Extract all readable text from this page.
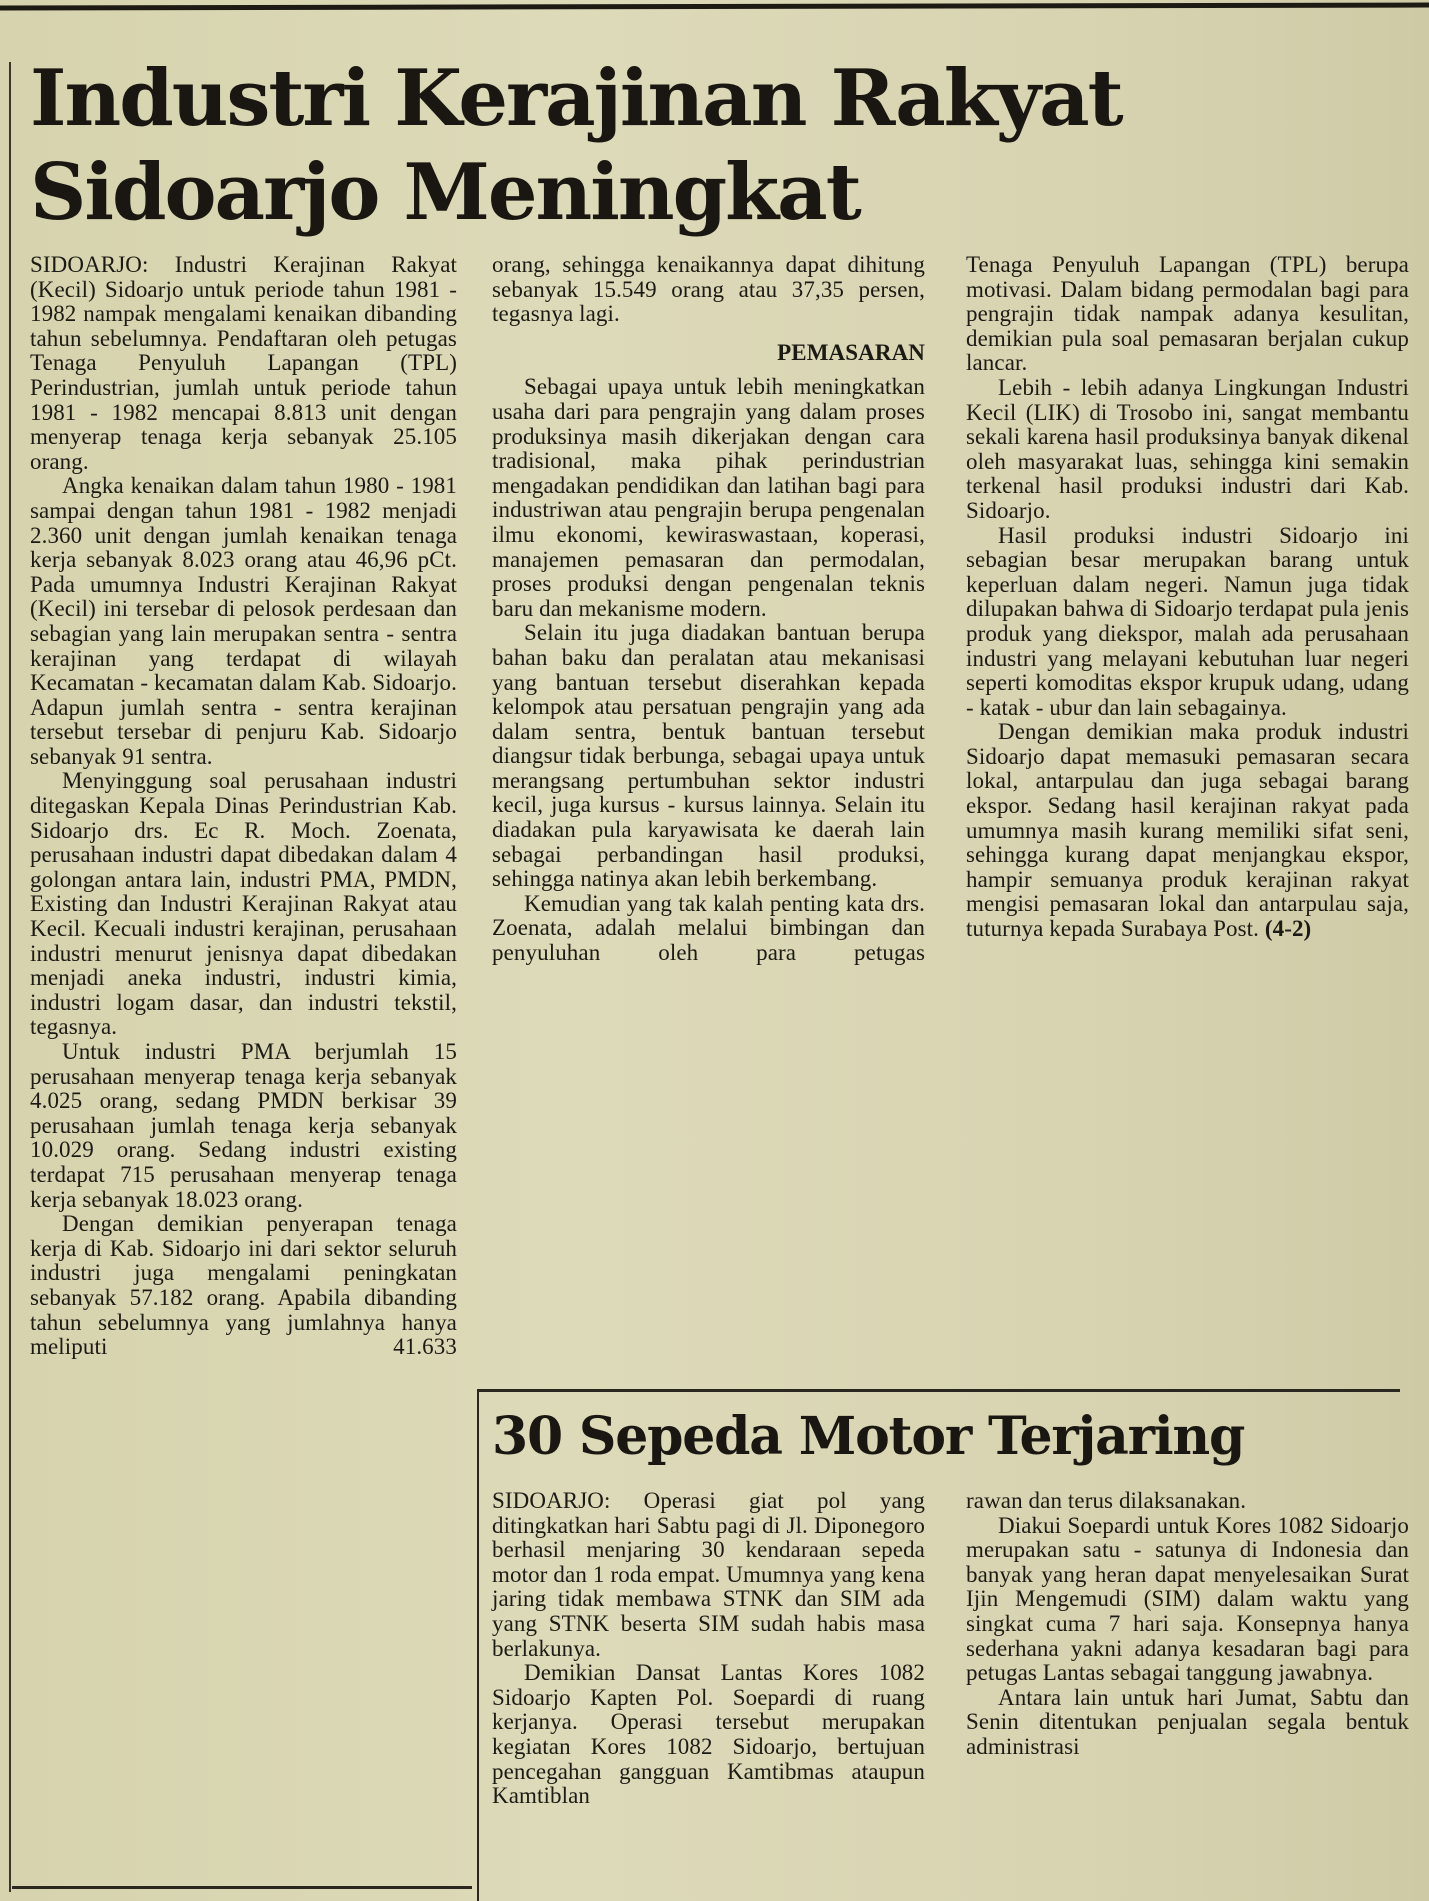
Industri Kerajinan Rakyat
Sidoarjo Meningkat

SIDOARJO: Industri Kerajinan Rakyat (Kecil) Sidoarjo untuk periode tahun 1981 - 1982 nampak mengalami kenaikan dibanding tahun sebelumnya. Pendaftaran oleh petugas Tenaga Penyuluh Lapangan (TPL) Perindustrian, jumlah untuk periode tahun 1981 - 1982 mencapai 8.813 unit dengan menyerap tenaga kerja sebanyak 25.105 orang.

Angka kenaikan dalam tahun 1980 - 1981 sampai dengan tahun 1981 - 1982 menjadi 2.360 unit dengan jumlah kenaikan tenaga kerja sebanyak 8.023 orang atau 46,96 pCt. Pada umumnya Industri Kerajinan Rakyat (Kecil) ini tersebar di pelosok perdesaan dan sebagian yang lain merupakan sentra - sentra kerajinan yang terdapat di wilayah Kecamatan - kecamatan dalam Kab. Sidoarjo. Adapun jumlah sentra - sentra kerajinan tersebut tersebar di penjuru Kab. Sidoarjo sebanyak 91 sentra.

Menyinggung soal perusahaan industri ditegaskan Kepala Dinas Perindustrian Kab. Sidoarjo drs. Ec R. Moch. Zoenata, perusahaan industri dapat dibedakan dalam 4 golongan antara lain, industri PMA, PMDN, Existing dan Industri Kerajinan Rakyat atau Kecil. Kecuali industri kerajinan, perusahaan industri menurut jenisnya dapat dibedakan menjadi aneka industri, industri kimia, industri logam dasar, dan industri tekstil, tegasnya.

Untuk industri PMA berjumlah 15 perusahaan menyerap tenaga kerja sebanyak 4.025 orang, sedang PMDN berkisar 39 perusahaan jumlah tenaga kerja sebanyak 10.029 orang. Sedang industri existing terdapat 715 perusahaan menyerap tenaga kerja sebanyak 18.023 orang.

Dengan demikian penyerapan tenaga kerja di Kab. Sidoarjo ini dari sektor seluruh industri juga mengalami peningkatan sebanyak 57.182 orang. Apabila dibanding tahun sebelumnya yang jumlahnya hanya meliputi 41.633

orang, sehingga kenaikannya dapat dihitung sebanyak 15.549 orang atau 37,35 persen, tegasnya lagi.

PEMASARAN

Sebagai upaya untuk lebih meningkatkan usaha dari para pengrajin yang dalam proses produksinya masih dikerjakan dengan cara tradisional, maka pihak perindustrian mengadakan pendidikan dan latihan bagi para industriwan atau pengrajin berupa pengenalan ilmu ekonomi, kewiraswastaan, koperasi, manajemen pemasaran dan permodalan, proses produksi dengan pengenalan teknis baru dan mekanisme modern.

Selain itu juga diadakan bantuan berupa bahan baku dan peralatan atau mekanisasi yang bantuan tersebut diserahkan kepada kelompok atau persatuan pengrajin yang ada dalam sentra, bentuk bantuan tersebut diangsur tidak berbunga, sebagai upaya untuk merangsang pertumbuhan sektor industri kecil, juga kursus - kursus lainnya. Selain itu diadakan pula karyawisata ke daerah lain sebagai perbandingan hasil produksi, sehingga natinya akan lebih berkembang.

Kemudian yang tak kalah penting kata drs. Zoenata, adalah melalui bimbingan dan penyuluhan oleh para petugas

Tenaga Penyuluh Lapangan (TPL) berupa motivasi. Dalam bidang permodalan bagi para pengrajin tidak nampak adanya kesulitan, demikian pula soal pemasaran berjalan cukup lancar.

Lebih - lebih adanya Lingkungan Industri Kecil (LIK) di Trosobo ini, sangat membantu sekali karena hasil produksinya banyak dikenal oleh masyarakat luas, sehingga kini semakin terkenal hasil produksi industri dari Kab. Sidoarjo.

Hasil produksi industri Sidoarjo ini sebagian besar merupakan barang untuk keperluan dalam negeri. Namun juga tidak dilupakan bahwa di Sidoarjo terdapat pula jenis produk yang diekspor, malah ada perusahaan industri yang melayani kebutuhan luar negeri seperti komoditas ekspor krupuk udang, udang - katak - ubur dan lain sebagainya.

Dengan demikian maka produk industri Sidoarjo dapat memasuki pemasaran secara lokal, antarpulau dan juga sebagai barang ekspor. Sedang hasil kerajinan rakyat pada umumnya masih kurang memiliki sifat seni, sehingga kurang dapat menjangkau ekspor, hampir semuanya produk kerajinan rakyat mengisi pemasaran lokal dan antarpulau saja, tuturnya kepada Surabaya Post. (4-2)

30 Sepeda Motor Terjaring

SIDOARJO: Operasi giat pol yang ditingkatkan hari Sabtu pagi di Jl. Diponegoro berhasil menjaring 30 kendaraan sepeda motor dan 1 roda empat. Umumnya yang kena jaring tidak membawa STNK dan SIM ada yang STNK beserta SIM sudah habis masa berlakunya.

Demikian Dansat Lantas Kores 1082 Sidoarjo Kapten Pol. Soepardi di ruang kerjanya. Operasi tersebut merupakan kegiatan Kores 1082 Sidoarjo, bertujuan pencegahan gangguan Kamtibmas ataupun Kamtiblan

rawan dan terus dilaksanakan.

Diakui Soepardi untuk Kores 1082 Sidoarjo merupakan satu - satunya di Indonesia dan banyak yang heran dapat menyelesaikan Surat Ijin Mengemudi (SIM) dalam waktu yang singkat cuma 7 hari saja. Konsepnya hanya sederhana yakni adanya kesadaran bagi para petugas Lantas sebagai tanggung jawabnya.

Antara lain untuk hari Jumat, Sabtu dan Senin ditentukan penjualan segala bentuk administrasi
